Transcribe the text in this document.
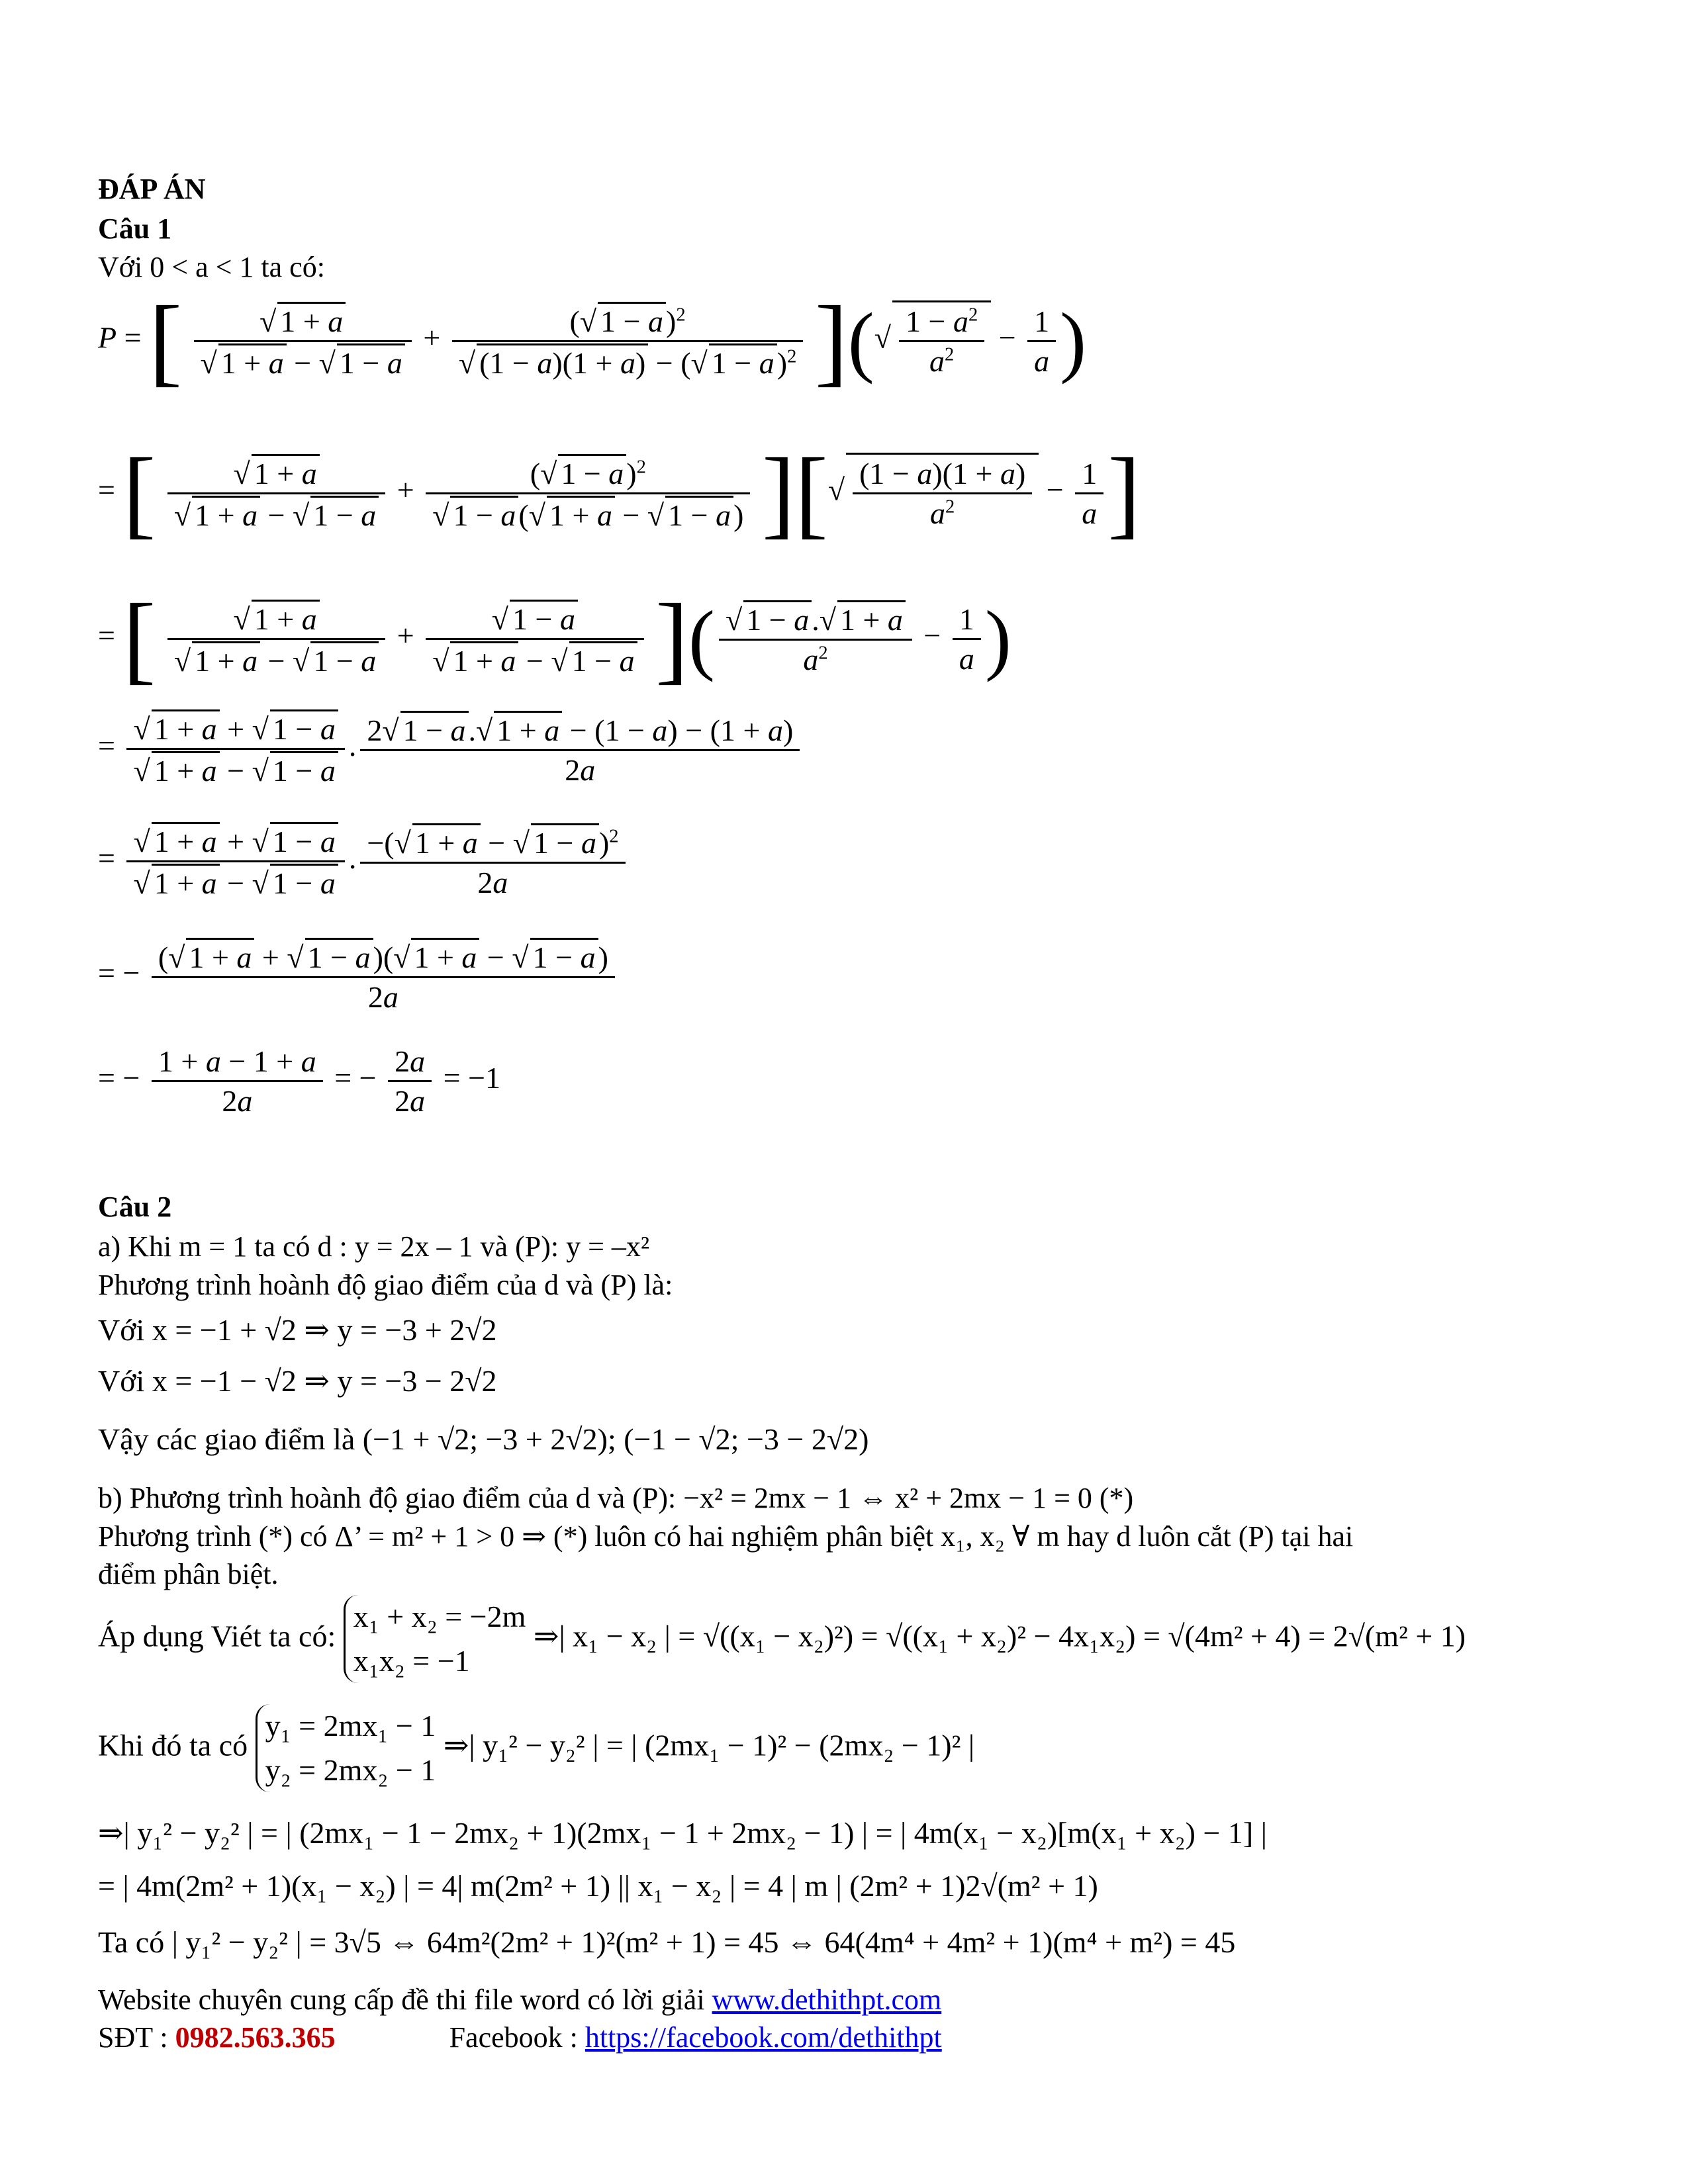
ĐÁP ÁN
Câu 1
Với 0 < a < 1 ta có:
P = [ $\frac{√ 1 + a}{√ 1 + a - √ 1 - a} + \frac{(√ 1 - a)^2}{√ (1 - a)(1 + a) - (√ 1 - a)^2}$ ](√ $\frac{1 - a^2}{a^2} - \frac{1}{a}$ )
= [ $\frac{√ 1 + a}{√ 1 + a - √ 1 - a} + \frac{(√ 1 - a)^2}{√ 1 - a(√ 1 + a - √ 1 - a)}$ ][√ $\frac{(1 - a)(1 + a)}{a^2} - \frac{1}{a}$ ]
= [ $\frac{√ 1 + a}{√ 1 + a - √ 1 - a} + \frac{√ 1 - a}{√ 1 + a - √ 1 - a}$ ]( $\frac{√ 1 - a.√ 1 + a}{a^2} - \frac{1}{a}$ )
= $\frac{√ 1 + a + √ 1 - a}{√ 1 + a - √ 1 - a}$ . $\frac{2√ 1 - a.√ 1 + a - (1 - a) - (1 + a)}{2a}$
= $\frac{√ 1 + a + √ 1 - a}{√ 1 + a - √ 1 - a}$ . $\frac{-(√ 1 + a - √ 1 - a)^2}{2a}$
= − $\frac{(√ 1 + a + √ 1 - a)(√ 1 + a - √ 1 - a)}{2a}$
= − $\frac{1 + a - 1 + a}{2a}$ = − $\frac{2a}{2a} = -1$
Câu 2
a) Khi m = 1 ta có d : y = 2x – 1 và (P): y = –x²
Phương trình hoành độ giao điểm của d và (P) là:
Với x = −1 + √2 ⇒ y = −3 + 2√2
Với x = −1 − √2 ⇒ y = −3 − 2√2
Vậy các giao điểm là (−1 + √2; −3 + 2√2); (−1 − √2; −3 − 2√2)
b) Phương trình hoành độ giao điểm của d và (P): −x² = 2mx − 1 ⇔ x² + 2mx − 1 = 0 (*)
Phương trình (*) có Δ’ = m² + 1 > 0 ⇒ (*) luôn có hai nghiệm phân biệt x₁, x₂ ∀ m hay d luôn cắt (P) tại hai
điểm phân biệt.
Áp dụng Viét ta có:
x₁ + x₂ = −2m
x₁x₂ = −1
⇒| x₁ − x₂ | = √((x₁ − x₂)²) = √((x₁ + x₂)² − 4x₁x₂) = √(4m² + 4) = 2√(m² + 1)
Khi đó ta có
y₁ = 2mx₁ − 1
y₂ = 2mx₂ − 1
⇒| y₁² − y₂² | = | (2mx₁ − 1)² − (2mx₂ − 1)² |
⇒| y₁² − y₂² | = | (2mx₁ − 1 − 2mx₂ + 1)(2mx₁ − 1 + 2mx₂ − 1) | = | 4m(x₁ − x₂)[m(x₁ + x₂) − 1] |
= | 4m(2m² + 1)(x₁ − x₂) | = 4| m(2m² + 1) || x₁ − x₂ | = 4 | m | (2m² + 1)2√(m² + 1)
Ta có | y₁² − y₂² | = 3√5 ⇔ 64m²(2m² + 1)²(m² + 1) = 45 ⇔ 64(4m⁴ + 4m² + 1)(m⁴ + m²) = 45
Website chuyên cung cấp đề thi file word có lời giải www.dethithpt.com
SĐT : 0982.563.365	Facebook : https://facebook.com/dethithpt
